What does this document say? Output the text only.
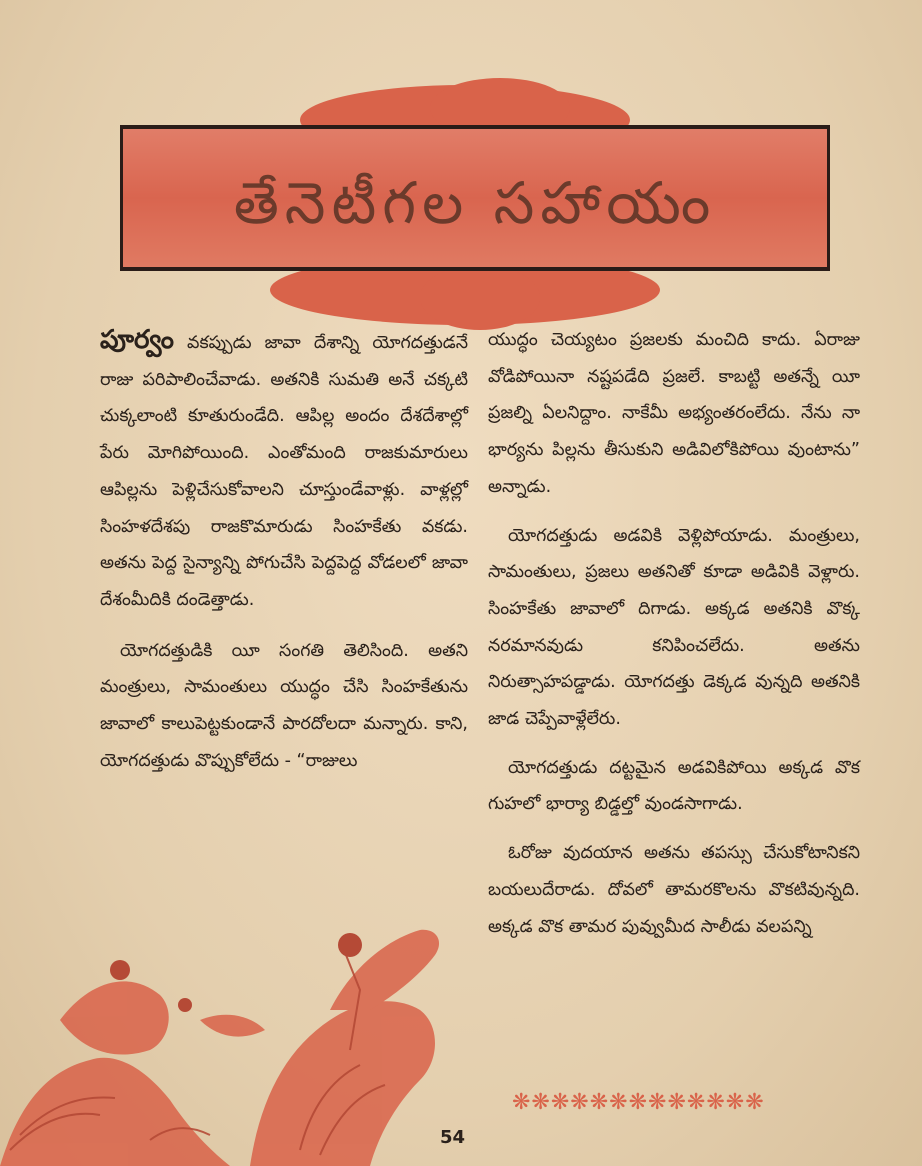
తేనెటీగల సహాయం

పూర్వం వకప్పుడు జావా దేశాన్ని యోగదత్తుడనే రాజు పరిపాలించేవాడు. అతనికి సుమతి అనే చక్కటి చుక్కలాంటి కూతురుండేది. ఆపిల్ల అందం దేశదేశాల్లో పేరు మోగిపోయింది. ఎంతోమంది రాజకుమారులు ఆపిల్లను పెళ్లిచేసుకోవాలని చూస్తుండేవాళ్లు. వాళ్లల్లో సింహళదేశపు రాజకొమారుడు సింహకేతు వకడు. అతను పెద్ద సైన్యాన్ని పోగుచేసి పెద్దపెద్ద వోడలలో జావా దేశంమీదికి దండెత్తాడు.

యోగదత్తుడికి యీ సంగతి తెలిసింది. అతని మంత్రులు, సామంతులు యుద్ధం చేసి సింహకేతును జావాలో కాలుపెట్టకుండానే పారదోలదా మన్నారు. కాని, యోగదత్తుడు వొప్పుకోలేదు - “రాజులు

యుద్ధం చెయ్యటం ప్రజలకు మంచిది కాదు. ఏరాజు వోడిపోయినా నష్టపడేది ప్రజలే. కాబట్టి అతన్నే యీ ప్రజల్ని ఏలనిద్దాం. నాకేమీ అభ్యంతరంలేదు. నేను నా భార్యను పిల్లను తీసుకుని అడివిలోకిపోయి వుంటాను” అన్నాడు.

యోగదత్తుడు అడవికి వెళ్లిపోయాడు. మంత్రులు, సామంతులు, ప్రజలు అతనితో కూడా అడివికి వెళ్లారు. సింహకేతు జావాలో దిగాడు. అక్కడ అతనికి వొక్క నరమానవుడు కనిపించలేదు. అతను నిరుత్సాహపడ్డాడు. యోగదత్తు డెక్కడ వున్నది అతనికి జాడ చెప్పేవాళ్లేలేరు.

యోగదత్తుడు దట్టమైన అడవికిపోయి అక్కడ వొక గుహలో భార్యా బిడ్డల్తో వుండసాగాడు.

ఓరోజు వుదయాన అతను తపస్సు చేసుకోటానికని బయలుదేరాడు. దోవలో తామరకొలను వొకటివున్నది. అక్కడ వొక తామర పువ్వుమీద సాలీడు వలపన్ని

❋❋❋❋❋❋❋❋❋❋❋❋❋
54
